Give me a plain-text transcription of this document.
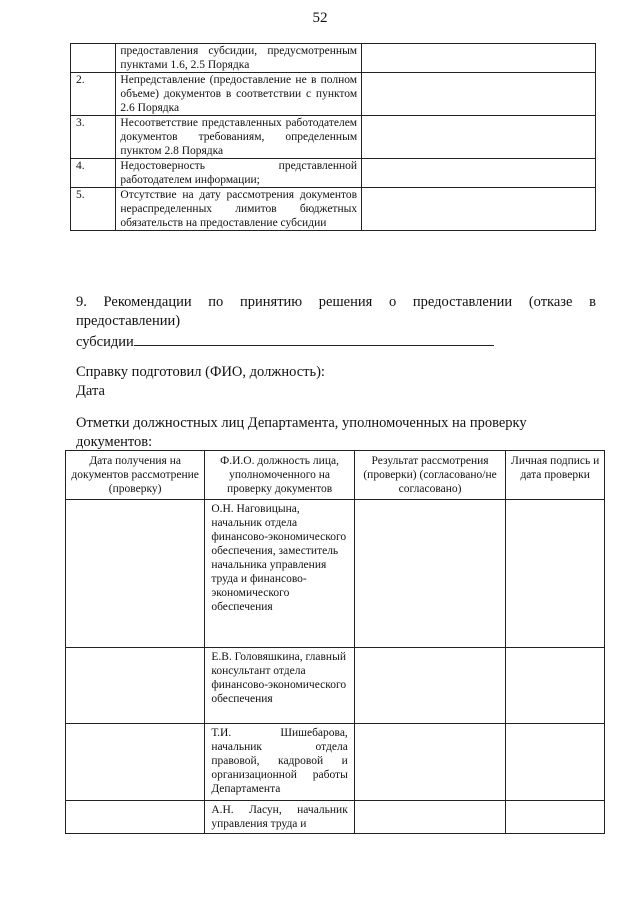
52
	предоставления субсидии, предусмотренным пунктами 1.6, 2.5 Порядка	
2.	Непредставление (предоставление не в полном объеме) документов в соответствии с пунктом 2.6 Порядка	
3.	Несоответствие представленных работодателем документов требованиям, определенным пунктом 2.8 Порядка	
4.	Недостоверность представленной работодателем информации;	
5.	Отсутствие на дату рассмотрения документов нераспределенных лимитов бюджетных обязательств на предоставление субсидии	
9. Рекомендации по принятию решения о предоставлении (отказе в предоставлении)
субсидии
Справку подготовил (ФИО, должность):
Дата
Отметки должностных лиц Департамента, уполномоченных на проверку документов:
Дата получения на документов рассмотрение (проверку)	Ф.И.О. должность лица, уполномоченного на проверку документов	Результат рассмотрения (проверки) (согласовано/не согласовано)	Личная подпись и дата проверки
	О.Н. Наговицына, начальник отдела финансово-экономического обеспечения, заместитель начальника управления труда и финансово-экономического обеспечения		
	Е.В. Головяшкина, главный консультант отдела финансово-экономического обеспечения		
	Т.И. Шишебарова, начальник отдела правовой, кадровой и организационной работы Департамента		
	А.Н. Ласун, начальник управления труда и		
